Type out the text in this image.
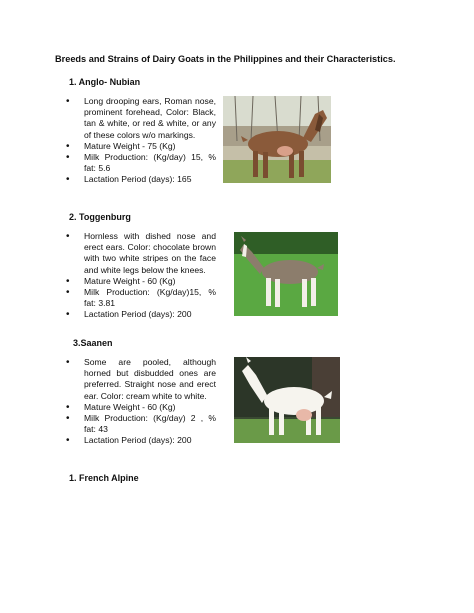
Breeds and Strains of Dairy Goats in the Philippines and their Characteristics.
1. Anglo- Nubian
• Long drooping ears, Roman nose, prominent forehead, Color: Black, tan & white, or red & white, or any of these colors w/o markings.
• Mature Weight - 75 (Kg)
• Milk Production: (Kg/day) 15, % fat: 5.6
• Lactation Period (days): 165
2. Toggenburg
• Hornless with dished nose and erect ears. Color: chocolate brown with two white stripes on the face and white legs below the knees.
• Mature Weight - 60 (Kg)
• Milk Production: (Kg/day)15, % fat: 3.81
• Lactation Period (days): 200
3.Saanen
• Some are pooled, although horned but disbudded ones are preferred. Straight nose and erect ear. Color: cream white to white.
• Mature Weight - 60 (Kg)
• Milk Production: (Kg/day) 2 , % fat: 43
• Lactation Period (days): 200
1. French Alpine
